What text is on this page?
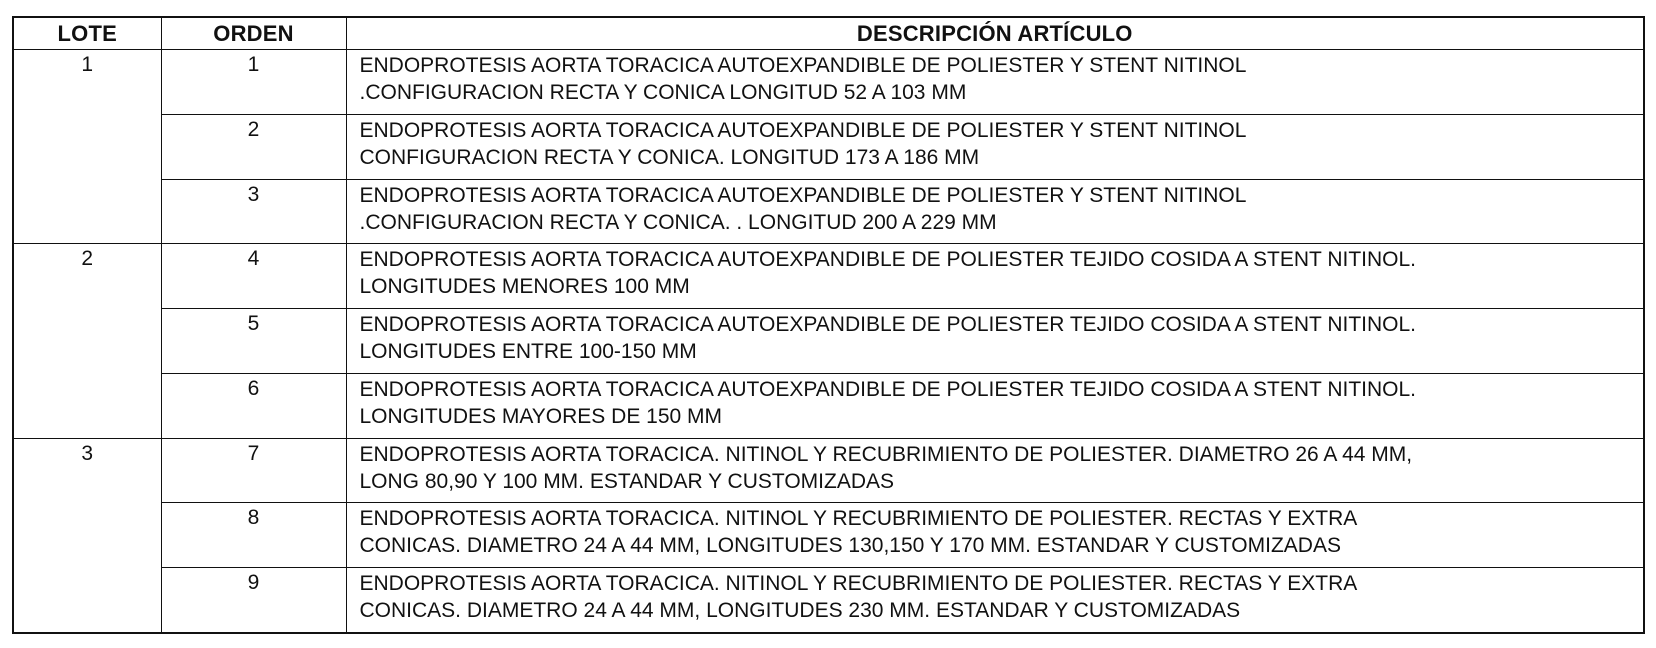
LOTE	ORDEN	DESCRIPCIÓN ARTÍCULO
1	1	ENDOPROTESIS AORTA TORACICA AUTOEXPANDIBLE DE POLIESTER Y STENT NITINOL
.CONFIGURACION RECTA Y CONICA LONGITUD 52 A 103 MM

	2	ENDOPROTESIS AORTA TORACICA AUTOEXPANDIBLE DE POLIESTER Y STENT NITINOL
CONFIGURACION RECTA Y CONICA. LONGITUD 173 A 186 MM

	3	ENDOPROTESIS AORTA TORACICA AUTOEXPANDIBLE DE POLIESTER Y STENT NITINOL
.CONFIGURACION RECTA Y CONICA. . LONGITUD 200 A 229 MM

2	4	ENDOPROTESIS AORTA TORACICA AUTOEXPANDIBLE DE POLIESTER TEJIDO COSIDA A STENT NITINOL.
LONGITUDES MENORES 100 MM

	5	ENDOPROTESIS AORTA TORACICA AUTOEXPANDIBLE DE POLIESTER TEJIDO COSIDA A STENT NITINOL.
LONGITUDES ENTRE 100-150 MM

	6	ENDOPROTESIS AORTA TORACICA AUTOEXPANDIBLE DE POLIESTER TEJIDO COSIDA A STENT NITINOL.
LONGITUDES MAYORES DE 150 MM

3	7	ENDOPROTESIS AORTA TORACICA. NITINOL Y RECUBRIMIENTO DE POLIESTER. DIAMETRO 26 A 44 MM,
LONG 80,90 Y 100 MM. ESTANDAR Y CUSTOMIZADAS

	8	ENDOPROTESIS AORTA TORACICA. NITINOL Y RECUBRIMIENTO DE POLIESTER. RECTAS Y EXTRA
CONICAS. DIAMETRO 24 A 44 MM, LONGITUDES 130,150 Y 170 MM. ESTANDAR Y CUSTOMIZADAS

	9	ENDOPROTESIS AORTA TORACICA. NITINOL Y RECUBRIMIENTO DE POLIESTER. RECTAS Y EXTRA
CONICAS. DIAMETRO 24 A 44 MM, LONGITUDES 230 MM. ESTANDAR Y CUSTOMIZADAS
